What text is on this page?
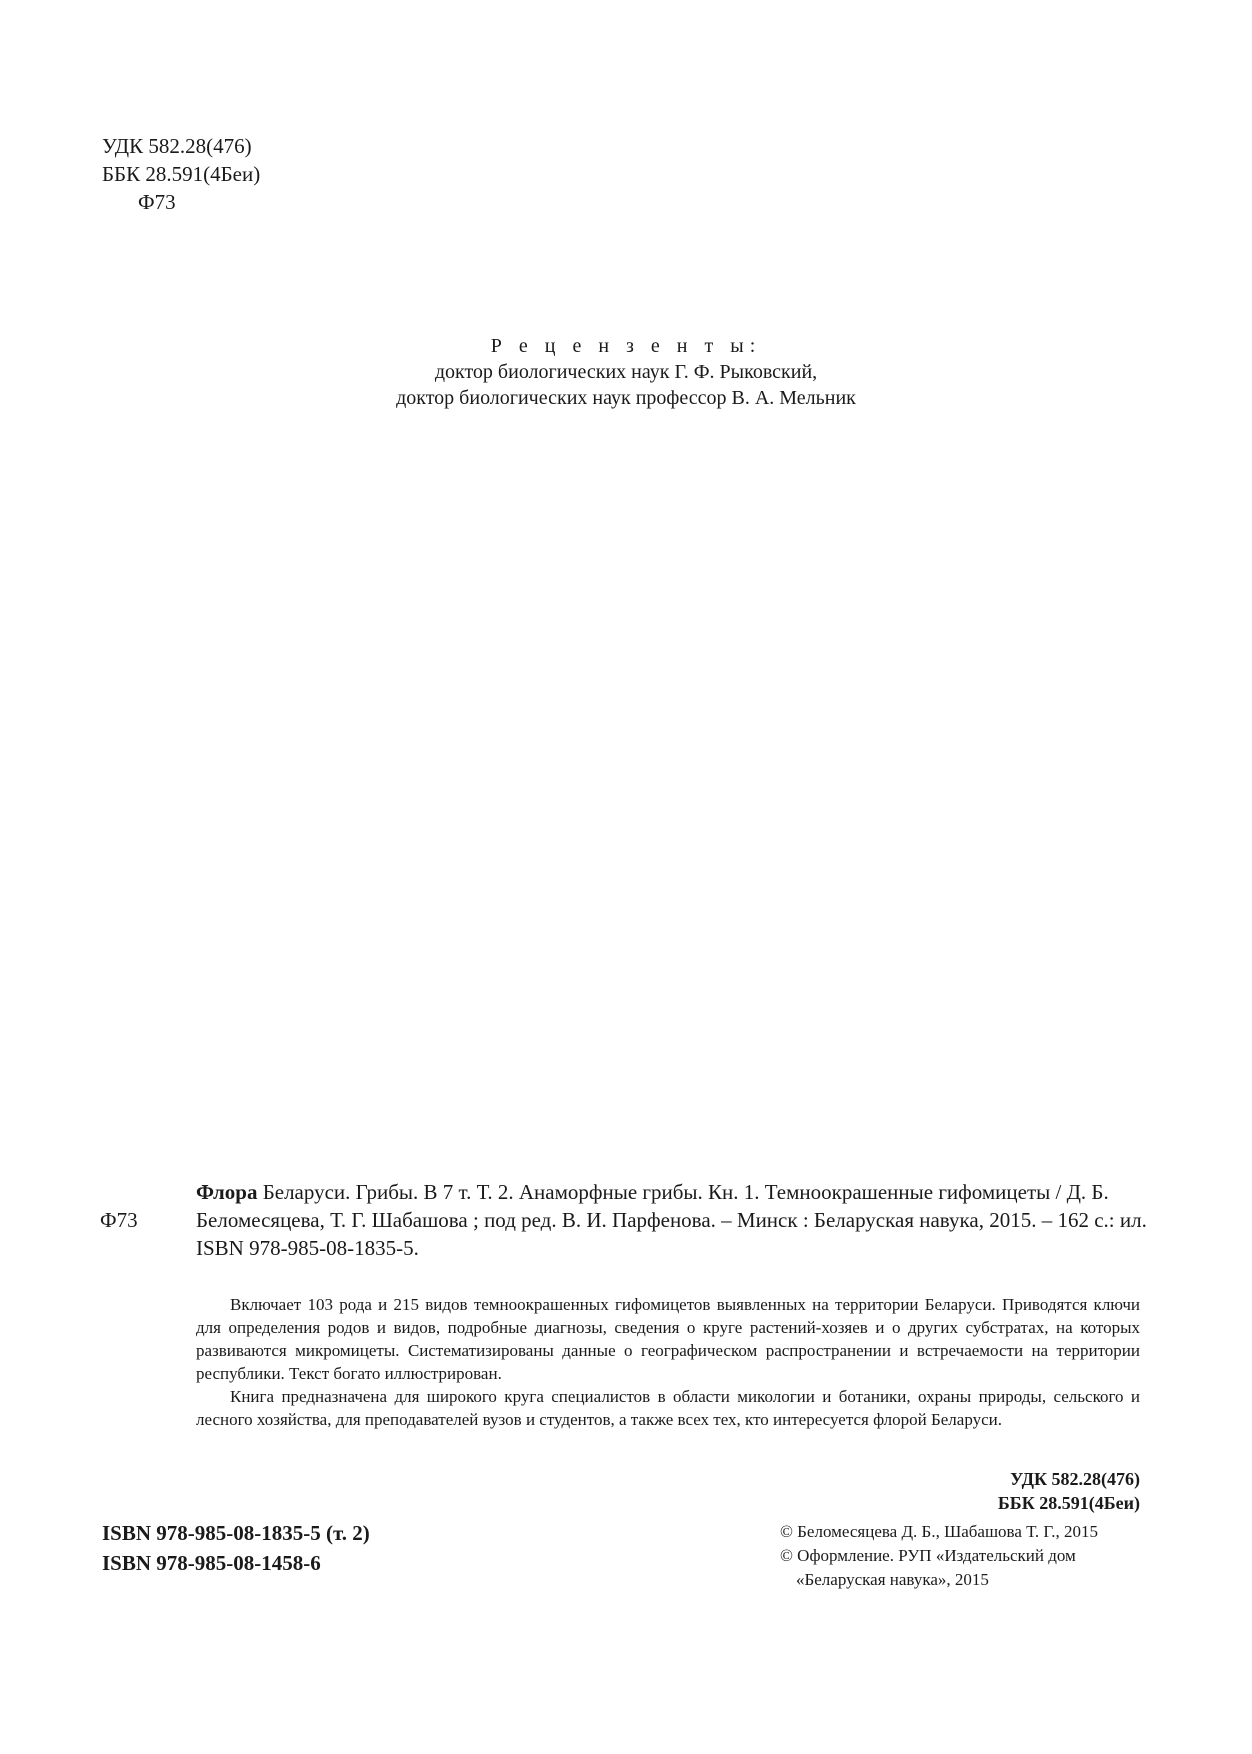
УДК 582.28(476)
ББК 28.591(4Беи)
Ф73
Р е ц е н з е н т ы:
доктор биологических наук Г. Ф. Рыковский,
доктор биологических наук профессор В. А. Мельник
Ф73
Флора Беларуси. Грибы. В 7 т. Т. 2. Анаморфные грибы. Кн. 1. Темноокрашенные гифомицеты / Д. Б. Беломесяцева, Т. Г. Шабашова ; под ред. В. И. Парфенова. – Минск : Беларуская навука, 2015. – 162 с.: ил.
ISBN 978-985-08-1835-5.

Включает 103 рода и 215 видов темноокрашенных гифомицетов выявленных на территории Беларуси. Приводятся ключи для определения родов и видов, подробные диагнозы, сведения о круге растений-хозяев и о других субстратах, на которых развиваются микромицеты. Систематизированы данные о географическом распространении и встречаемости на территории республики. Текст богато иллюстрирован.

Книга предназначена для широкого круга специалистов в области микологии и ботаники, охраны природы, сельского и лесного хозяйства, для преподавателей вузов и студентов, а также всех тех, кто интересуется флорой Беларуси.

УДК 582.28(476)
ББК 28.591(4Беи)
ISBN 978-985-08-1835-5 (т. 2)
ISBN 978-985-08-1458-6
© Беломесяцева Д. Б., Шабашова Т. Г., 2015
© Оформление. РУП «Издательский дом
«Беларуская навука», 2015
